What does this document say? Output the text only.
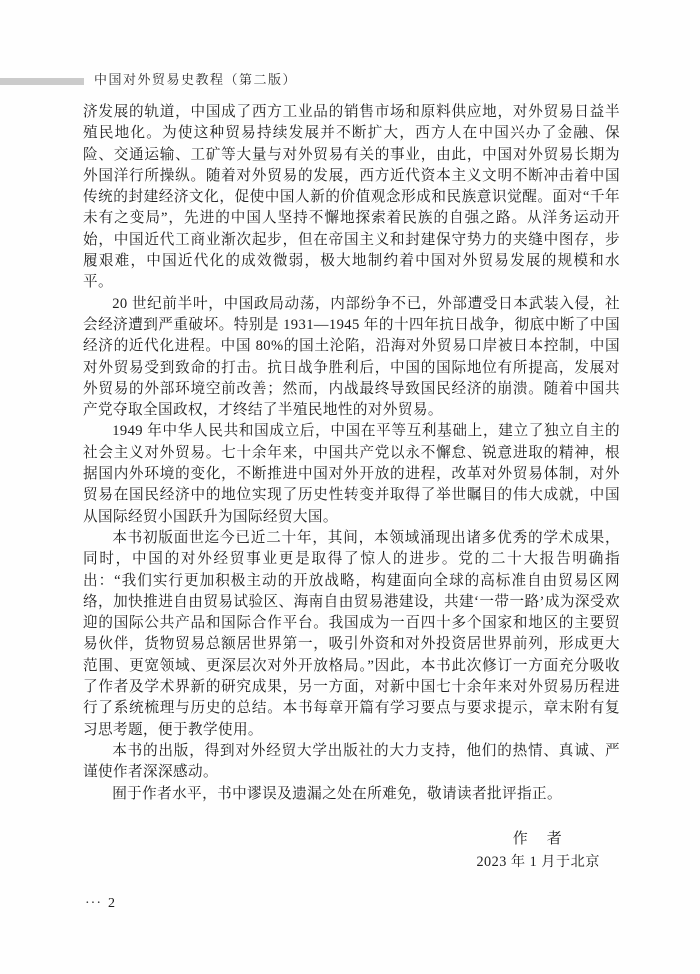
中国对外贸易史教程（第二版）

济发展的轨道，中国成了西方工业品的销售市场和原料供应地，对外贸易日益半殖民地化。为使这种贸易持续发展并不断扩大，西方人在中国兴办了金融、保险、交通运输、工矿等大量与对外贸易有关的事业，由此，中国对外贸易长期为外国洋行所操纵。随着对外贸易的发展，西方近代资本主义文明不断冲击着中国传统的封建经济文化，促使中国人新的价值观念形成和民族意识觉醒。面对“千年未有之变局”，先进的中国人坚持不懈地探索着民族的自强之路。从洋务运动开始，中国近代工商业渐次起步，但在帝国主义和封建保守势力的夹缝中图存，步履艰难，中国近代化的成效微弱，极大地制约着中国对外贸易发展的规模和水平。

20 世纪前半叶，中国政局动荡，内部纷争不已，外部遭受日本武装入侵，社会经济遭到严重破坏。特别是 1931—1945 年的十四年抗日战争，彻底中断了中国经济的近代化进程。中国 80%的国土沦陷，沿海对外贸易口岸被日本控制，中国对外贸易受到致命的打击。抗日战争胜利后，中国的国际地位有所提高，发展对外贸易的外部环境空前改善；然而，内战最终导致国民经济的崩溃。随着中国共产党夺取全国政权，才终结了半殖民地性的对外贸易。

1949 年中华人民共和国成立后，中国在平等互利基础上，建立了独立自主的社会主义对外贸易。七十余年来，中国共产党以永不懈怠、锐意进取的精神，根据国内外环境的变化，不断推进中国对外开放的进程，改革对外贸易体制，对外贸易在国民经济中的地位实现了历史性转变并取得了举世瞩目的伟大成就，中国从国际经贸小国跃升为国际经贸大国。

本书初版面世迄今已近二十年，其间，本领域涌现出诸多优秀的学术成果，同时，中国的对外经贸事业更是取得了惊人的进步。党的二十大报告明确指出：“我们实行更加积极主动的开放战略，构建面向全球的高标准自由贸易区网络，加快推进自由贸易试验区、海南自由贸易港建设，共建‘一带一路’成为深受欢迎的国际公共产品和国际合作平台。我国成为一百四十多个国家和地区的主要贸易伙伴，货物贸易总额居世界第一，吸引外资和对外投资居世界前列，形成更大范围、更宽领域、更深层次对外开放格局。”因此，本书此次修订一方面充分吸收了作者及学术界新的研究成果，另一方面，对新中国七十余年来对外贸易历程进行了系统梳理与历史的总结。本书每章开篇有学习要点与要求提示，章末附有复习思考题，便于教学使用。

本书的出版，得到对外经贸大学出版社的大力支持，他们的热情、真诚、严谨使作者深深感动。

囿于作者水平，书中谬误及遗漏之处在所难免，敬请读者批评指正。

作　者
2023 年 1 月于北京
··· 2
